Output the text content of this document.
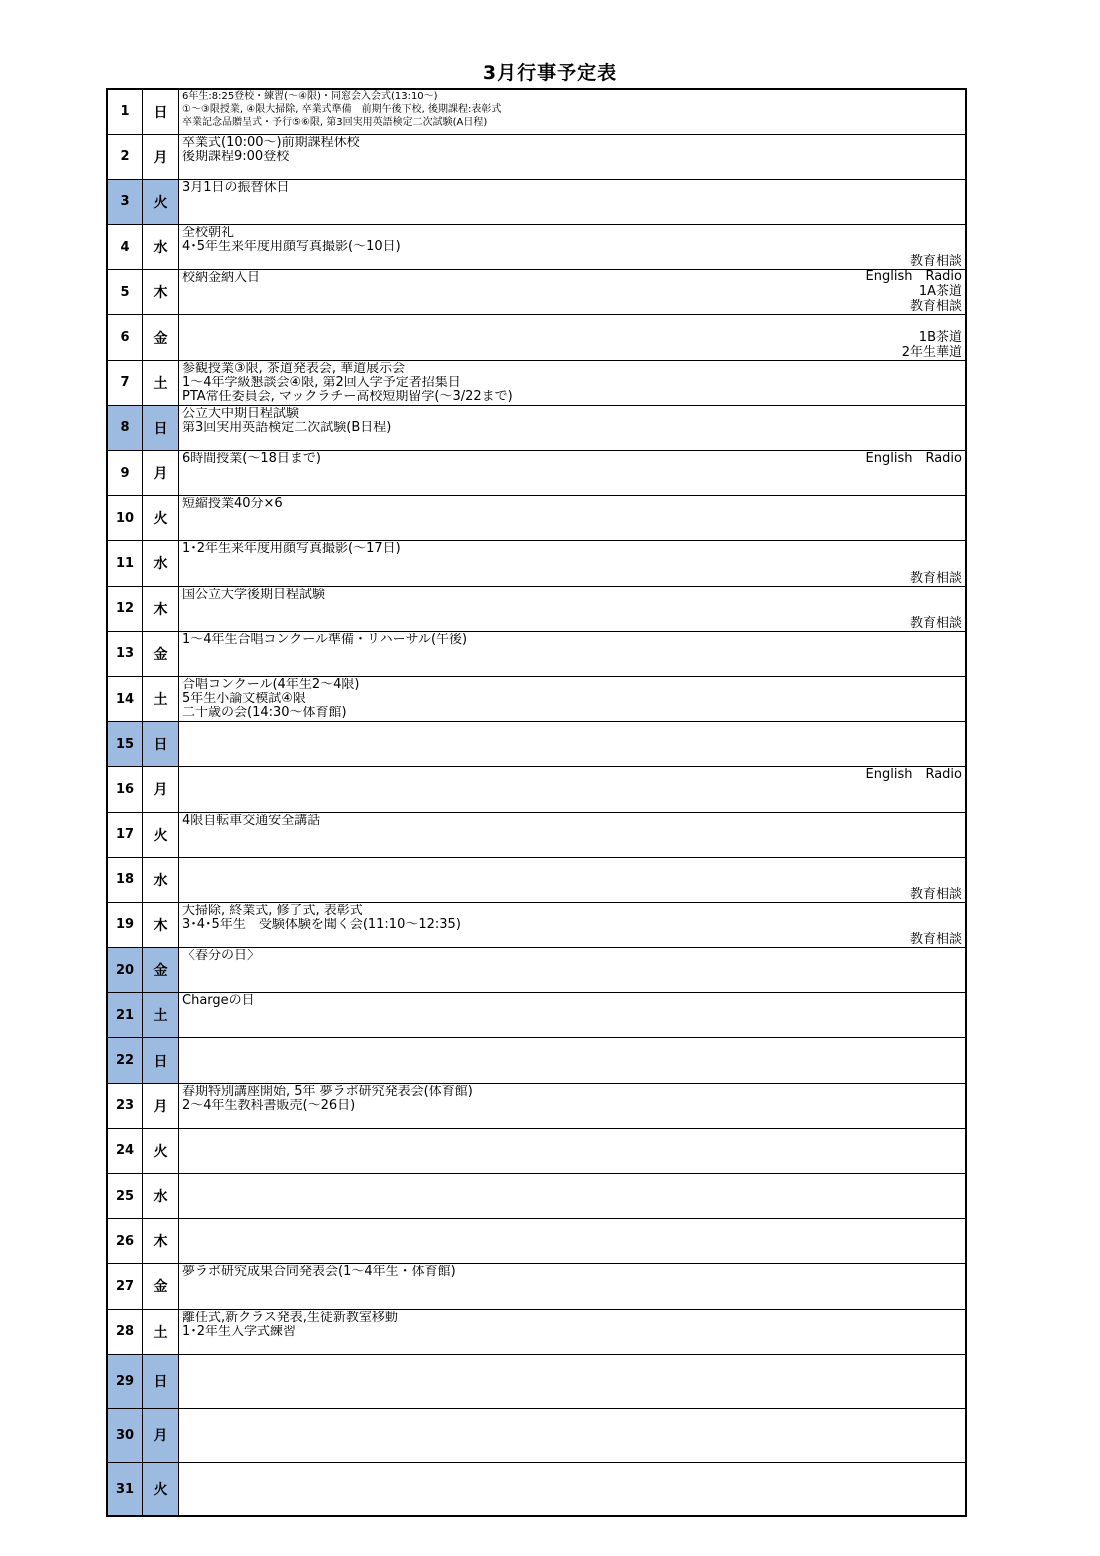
3月行事予定表
1	日	6年生:8:25登校・練習(〜④限)・同窓会入会式(13:10〜)
①〜③限授業, ④限大掃除, 卒業式準備　前期午後下校, 後期課程:表彰式
卒業記念品贈呈式・予行⑤⑥限, 第3回実用英語検定二次試験(A日程)

2	月	卒業式(10:00〜)前期課程休校
後期課程9:00登校

3	火	3月1日の振替休日

4	水	全校朝礼
4･5年生来年度用顔写真撮影(〜10日)
教育相談

5	木	校納金納入日 English　Radio
1A茶道
教育相談

6	金	1B茶道
2年生華道

7	土	参観授業③限, 茶道発表会, 華道展示会
1〜4年学級懇談会④限, 第2回入学予定者招集日
PTA常任委員会, マックラチー高校短期留学(〜3/22まで)

8	日	公立大中期日程試験
第3回実用英語検定二次試験(B日程)

9	月	6時間授業(〜18日まで) English　Radio

10	火	短縮授業40分×6

11	水	1･2年生来年度用顔写真撮影(〜17日)
教育相談

12	木	国公立大学後期日程試験
教育相談

13	金	1〜4年生合唱コンクール準備・リハーサル(午後)

14	土	合唱コンクール(4年生2〜4限)
5年生小論文模試④限
二十歳の会(14:30〜体育館)

15	日	

16	月	English　Radio

17	火	4限自転車交通安全講話

18	水	教育相談

19	木	大掃除, 終業式, 修了式, 表彰式
3･4･5年生　受験体験を聞く会(11:10〜12:35)
教育相談

20	金	〈春分の日〉

21	土	Chargeの日

22	日	

23	月	春期特別講座開始, 5年 夢ラボ研究発表会(体育館)
2〜4年生教科書販売(〜26日)

24	火	

25	水	

26	木	

27	金	夢ラボ研究成果合同発表会(1〜4年生・体育館)

28	土	離任式,新クラス発表,生徒新教室移動
1･2年生入学式練習

29	日	

30	月	

31	火	
